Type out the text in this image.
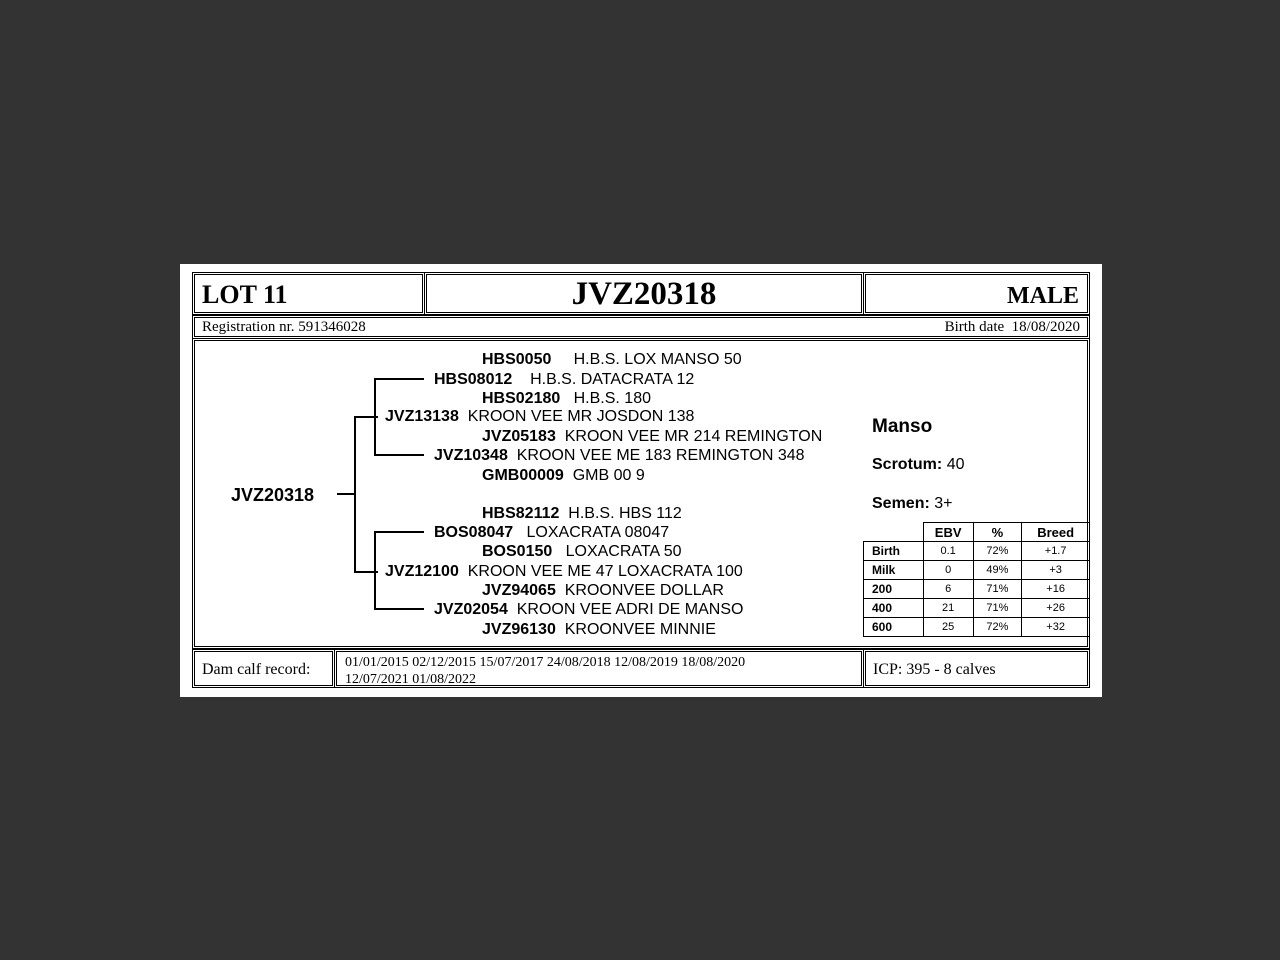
LOT 11	JVZ20318	MALE
Registration nr. 591346028	Birth date  18/08/2020
JVZ20318
HBS0050 H.B.S. LOX MANSO 50
HBS08012 H.B.S. DATACRATA 12
HBS02180 H.B.S. 180
JVZ13138 KROON VEE MR JOSDON 138
JVZ05183 KROON VEE MR 214 REMINGTON
JVZ10348 KROON VEE ME 183 REMINGTON 348
GMB00009 GMB 00 9
HBS82112 H.B.S. HBS 112
BOS08047 LOXACRATA 08047
BOS0150 LOXACRATA 50
JVZ12100 KROON VEE ME 47 LOXACRATA 100
JVZ94065 KROONVEE DOLLAR
JVZ02054 KROON VEE ADRI DE MANSO
JVZ96130 KROONVEE MINNIE
Manso
Scrotum: 40
Semen: 3+
	EBV	%	Breed
Birth	0.1	72%	+1.7
Milk	0	49%	+3
200	6	71%	+16
400	21	71%	+26
600	25	72%	+32
Dam calf record: 01/01/2015 02/12/2015 15/07/2017 24/08/2018 12/08/2019 18/08/2020
12/07/2021 01/08/2022
ICP: 395 - 8 calves
